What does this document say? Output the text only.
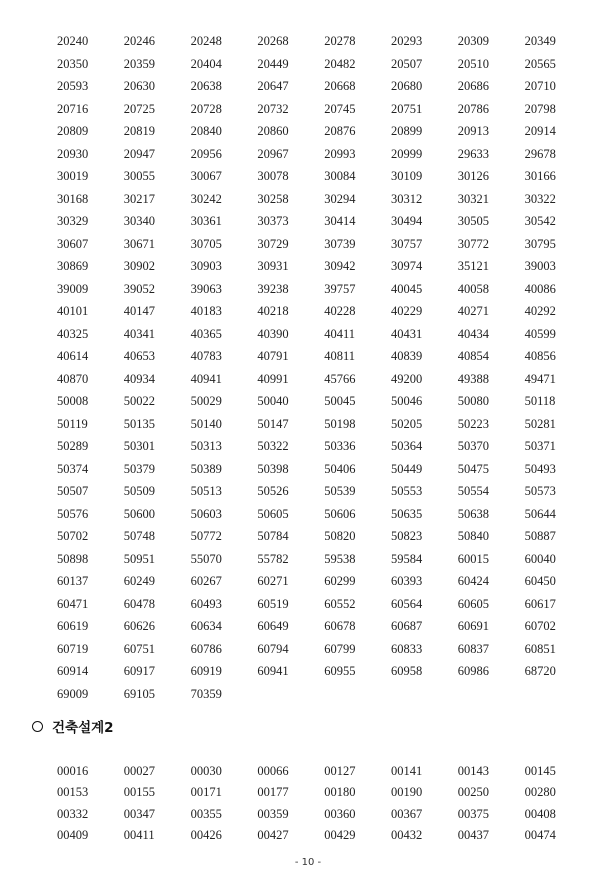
20240	20246	20248	20268	20278	20293	20309	20349
20350	20359	20404	20449	20482	20507	20510	20565
20593	20630	20638	20647	20668	20680	20686	20710
20716	20725	20728	20732	20745	20751	20786	20798
20809	20819	20840	20860	20876	20899	20913	20914
20930	20947	20956	20967	20993	20999	29633	29678
30019	30055	30067	30078	30084	30109	30126	30166
30168	30217	30242	30258	30294	30312	30321	30322
30329	30340	30361	30373	30414	30494	30505	30542
30607	30671	30705	30729	30739	30757	30772	30795
30869	30902	30903	30931	30942	30974	35121	39003
39009	39052	39063	39238	39757	40045	40058	40086
40101	40147	40183	40218	40228	40229	40271	40292
40325	40341	40365	40390	40411	40431	40434	40599
40614	40653	40783	40791	40811	40839	40854	40856
40870	40934	40941	40991	45766	49200	49388	49471
50008	50022	50029	50040	50045	50046	50080	50118
50119	50135	50140	50147	50198	50205	50223	50281
50289	50301	50313	50322	50336	50364	50370	50371
50374	50379	50389	50398	50406	50449	50475	50493
50507	50509	50513	50526	50539	50553	50554	50573
50576	50600	50603	50605	50606	50635	50638	50644
50702	50748	50772	50784	50820	50823	50840	50887
50898	50951	55070	55782	59538	59584	60015	60040
60137	60249	60267	60271	60299	60393	60424	60450
60471	60478	60493	60519	60552	60564	60605	60617
60619	60626	60634	60649	60678	60687	60691	60702
60719	60751	60786	60794	60799	60833	60837	60851
60914	60917	60919	60941	60955	60958	60986	68720
69009	69105	70359
건축설계2
00016	00027	00030	00066	00127	00141	00143	00145
00153	00155	00171	00177	00180	00190	00250	00280
00332	00347	00355	00359	00360	00367	00375	00408
00409	00411	00426	00427	00429	00432	00437	00474
- 10 -
